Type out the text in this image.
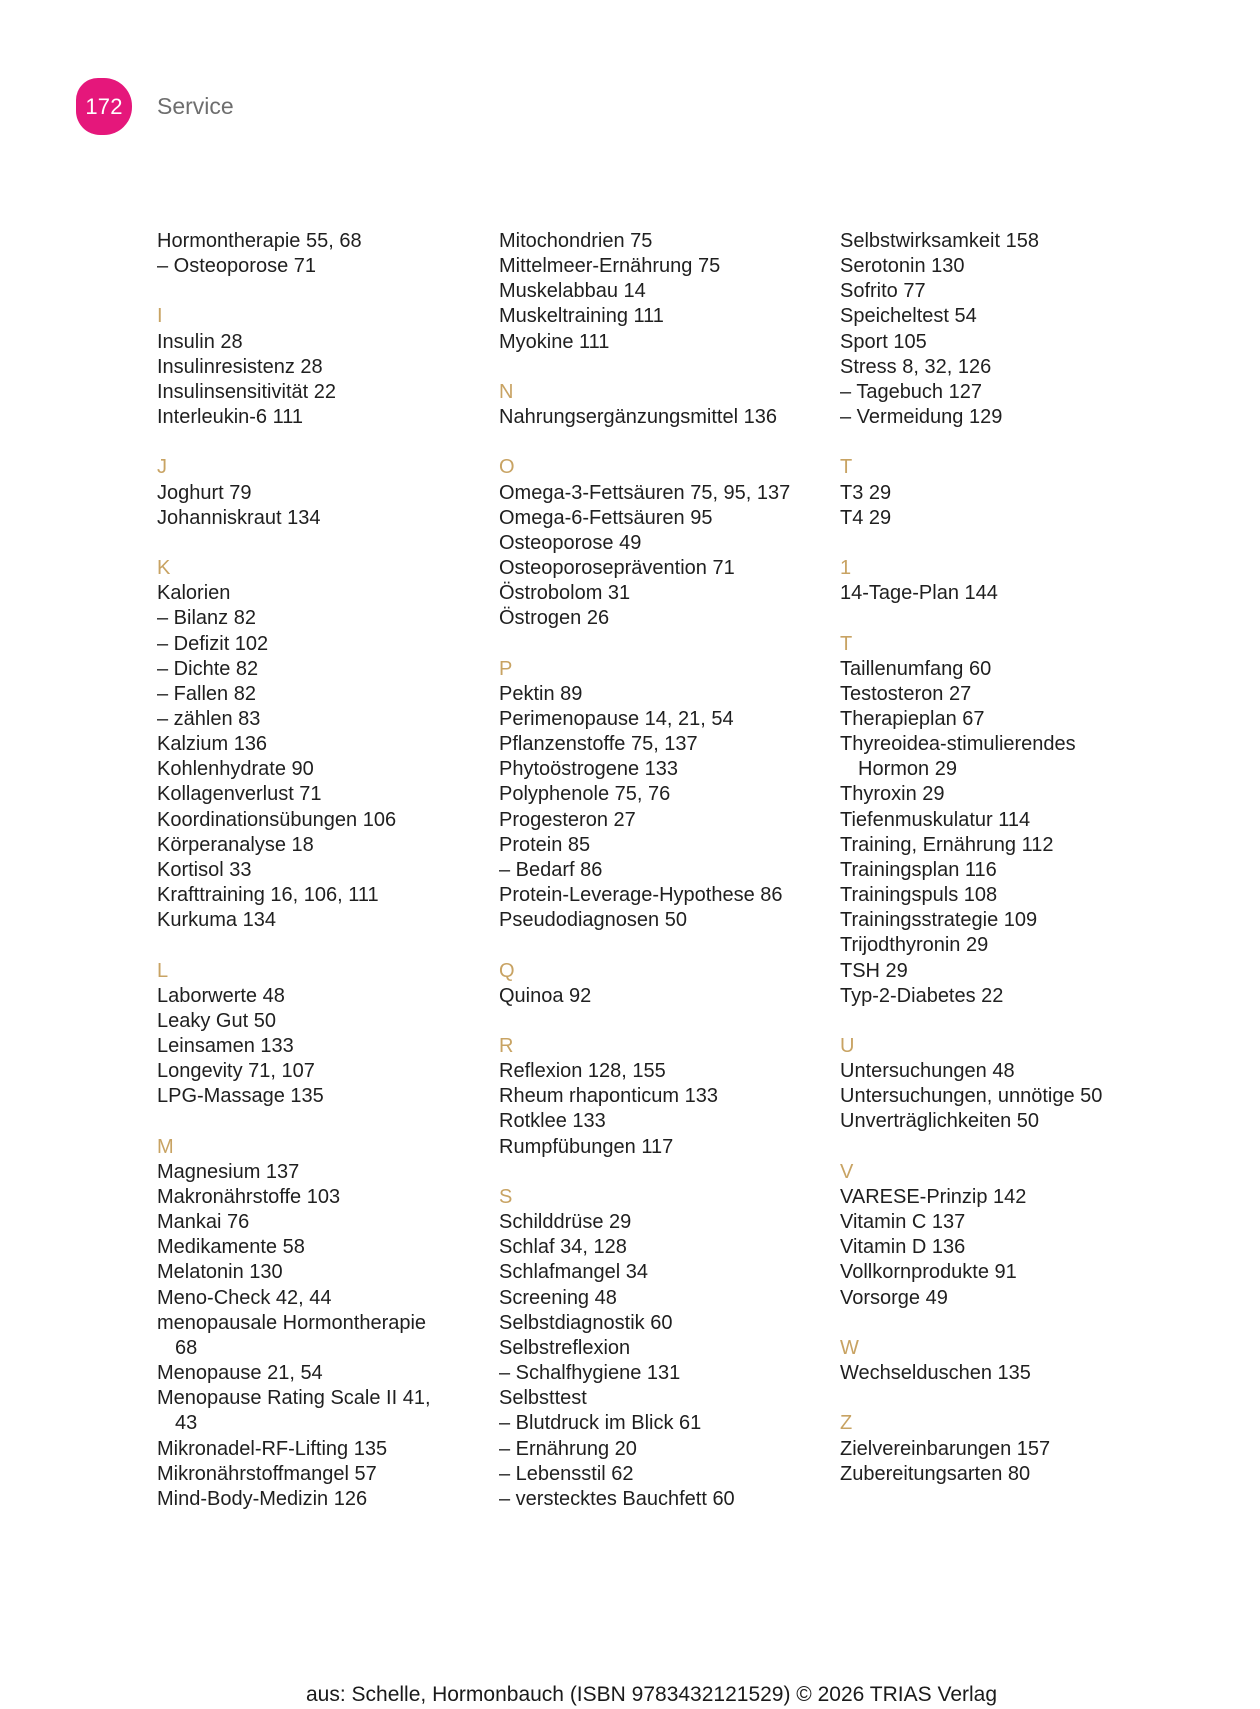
172 Service
Hormontherapie 55, 68
– Osteoporose 71
I
Insulin 28
Insulinresistenz 28
Insulinsensitivität 22
Interleukin-6 111
J
Joghurt 79
Johanniskraut 134
K
Kalorien
– Bilanz 82
– Defizit 102
– Dichte 82
– Fallen 82
– zählen 83
Kalzium 136
Kohlenhydrate 90
Kollagenverlust 71
Koordinationsübungen 106
Körperanalyse 18
Kortisol 33
Krafttraining 16, 106, 111
Kurkuma 134
L
Laborwerte 48
Leaky Gut 50
Leinsamen 133
Longevity 71, 107
LPG-Massage 135
M
Magnesium 137
Makronährstoffe 103
Mankai 76
Medikamente 58
Melatonin 130
Meno-Check 42, 44
menopausale Hormontherapie
68
Menopause 21, 54
Menopause Rating Scale II 41,
43
Mikronadel-RF-Lifting 135
Mikronährstoffmangel 57
Mind-Body-Medizin 126
Mitochondrien 75
Mittelmeer-Ernährung 75
Muskelabbau 14
Muskeltraining 111
Myokine 111
N
Nahrungsergänzungsmittel 136
O
Omega-3-Fettsäuren 75, 95, 137
Omega-6-Fettsäuren 95
Osteoporose 49
Osteoporoseprävention 71
Östrobolom 31
Östrogen 26
P
Pektin 89
Perimenopause 14, 21, 54
Pflanzenstoffe 75, 137
Phytoöstrogene 133
Polyphenole 75, 76
Progesteron 27
Protein 85
– Bedarf 86
Protein-Leverage-Hypothese 86
Pseudodiagnosen 50
Q
Quinoa 92
R
Reflexion 128, 155
Rheum rhaponticum 133
Rotklee 133
Rumpfübungen 117
S
Schilddrüse 29
Schlaf 34, 128
Schlafmangel 34
Screening 48
Selbstdiagnostik 60
Selbstreflexion
– Schalfhygiene 131
Selbsttest
– Blutdruck im Blick 61
– Ernährung 20
– Lebensstil 62
– verstecktes Bauchfett 60
Selbstwirksamkeit 158
Serotonin 130
Sofrito 77
Speicheltest 54
Sport 105
Stress 8, 32, 126
– Tagebuch 127
– Vermeidung 129
T
T3 29
T4 29
1
14-Tage-Plan 144
T
Taillenumfang 60
Testosteron 27
Therapieplan 67
Thyreoidea-stimulierendes
Hormon 29
Thyroxin 29
Tiefenmuskulatur 114
Training, Ernährung 112
Trainingsplan 116
Trainingspuls 108
Trainingsstrategie 109
Trijodthyronin 29
TSH 29
Typ-2-Diabetes 22
U
Untersuchungen 48
Untersuchungen, unnötige 50
Unverträglichkeiten 50
V
VARESE-Prinzip 142
Vitamin C 137
Vitamin D 136
Vollkornprodukte 91
Vorsorge 49
W
Wechselduschen 135
Z
Zielvereinbarungen 157
Zubereitungsarten 80
aus: Schelle, Hormonbauch (ISBN 9783432121529) © 2026 TRIAS Verlag
